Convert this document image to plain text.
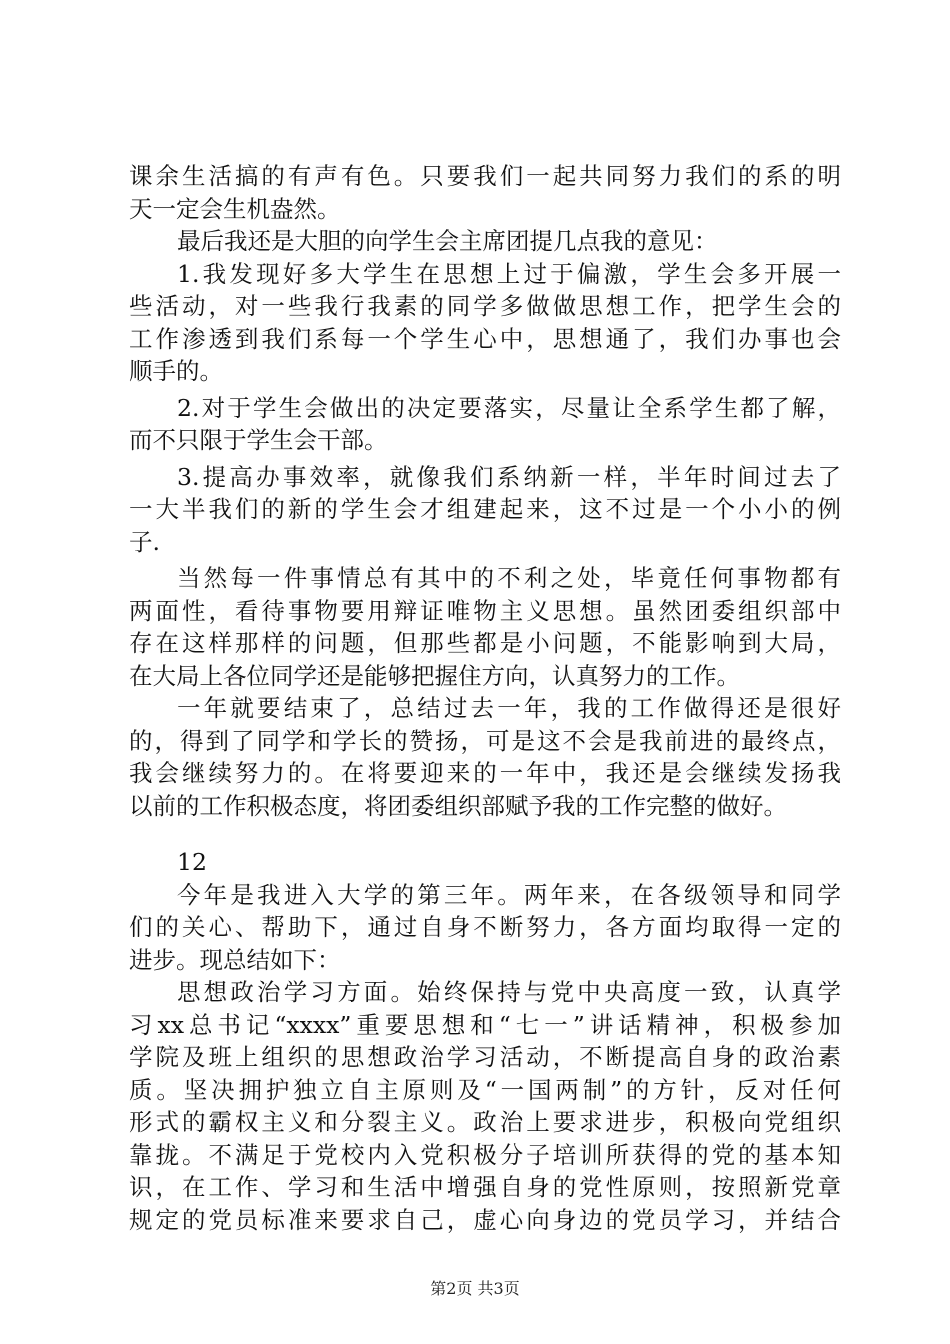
课余生活搞的有声有色。只要我们一起共同努力我们的系的明
天一定会生机盎然。
最后我还是大胆的向学生会主席团提几点我的意见：
1.我发现好多大学生在思想上过于偏激，学生会多开展一
些活动，对一些我行我素的同学多做做思想工作，把学生会的
工作渗透到我们系每一个学生心中，思想通了，我们办事也会
顺手的。
2.对于学生会做出的决定要落实，尽量让全系学生都了解，
而不只限于学生会干部。
3.提高办事效率，就像我们系纳新一样，半年时间过去了
一大半我们的新的学生会才组建起来，这不过是一个小小的例
子.
当然每一件事情总有其中的不利之处，毕竟任何事物都有
两面性，看待事物要用辩证唯物主义思想。虽然团委组织部中
存在这样那样的问题，但那些都是小问题，不能影响到大局，
在大局上各位同学还是能够把握住方向，认真努力的工作。
一年就要结束了，总结过去一年，我的工作做得还是很好
的，得到了同学和学长的赞扬，可是这不会是我前进的最终点，
我会继续努力的。在将要迎来的一年中，我还是会继续发扬我
以前的工作积极态度，将团委组织部赋予我的工作完整的做好。
12
今年是我进入大学的第三年。两年来，在各级领导和同学
们的关心、帮助下，通过自身不断努力，各方面均取得一定的
进步。现总结如下：
思想政治学习方面。始终保持与党中央高度一致，认真学
习xx总书记“xxxx”重要思想和“七一”讲话精神，积极参加
学院及班上组织的思想政治学习活动，不断提高自身的政治素
质。坚决拥护独立自主原则及“一国两制”的方针，反对任何
形式的霸权主义和分裂主义。政治上要求进步，积极向党组织
靠拢。不满足于党校内入党积极分子培训所获得的党的基本知
识，在工作、学习和生活中增强自身的党性原则，按照新党章
规定的党员标准来要求自己，虚心向身边的党员学习，并结合
第2页 共3页
